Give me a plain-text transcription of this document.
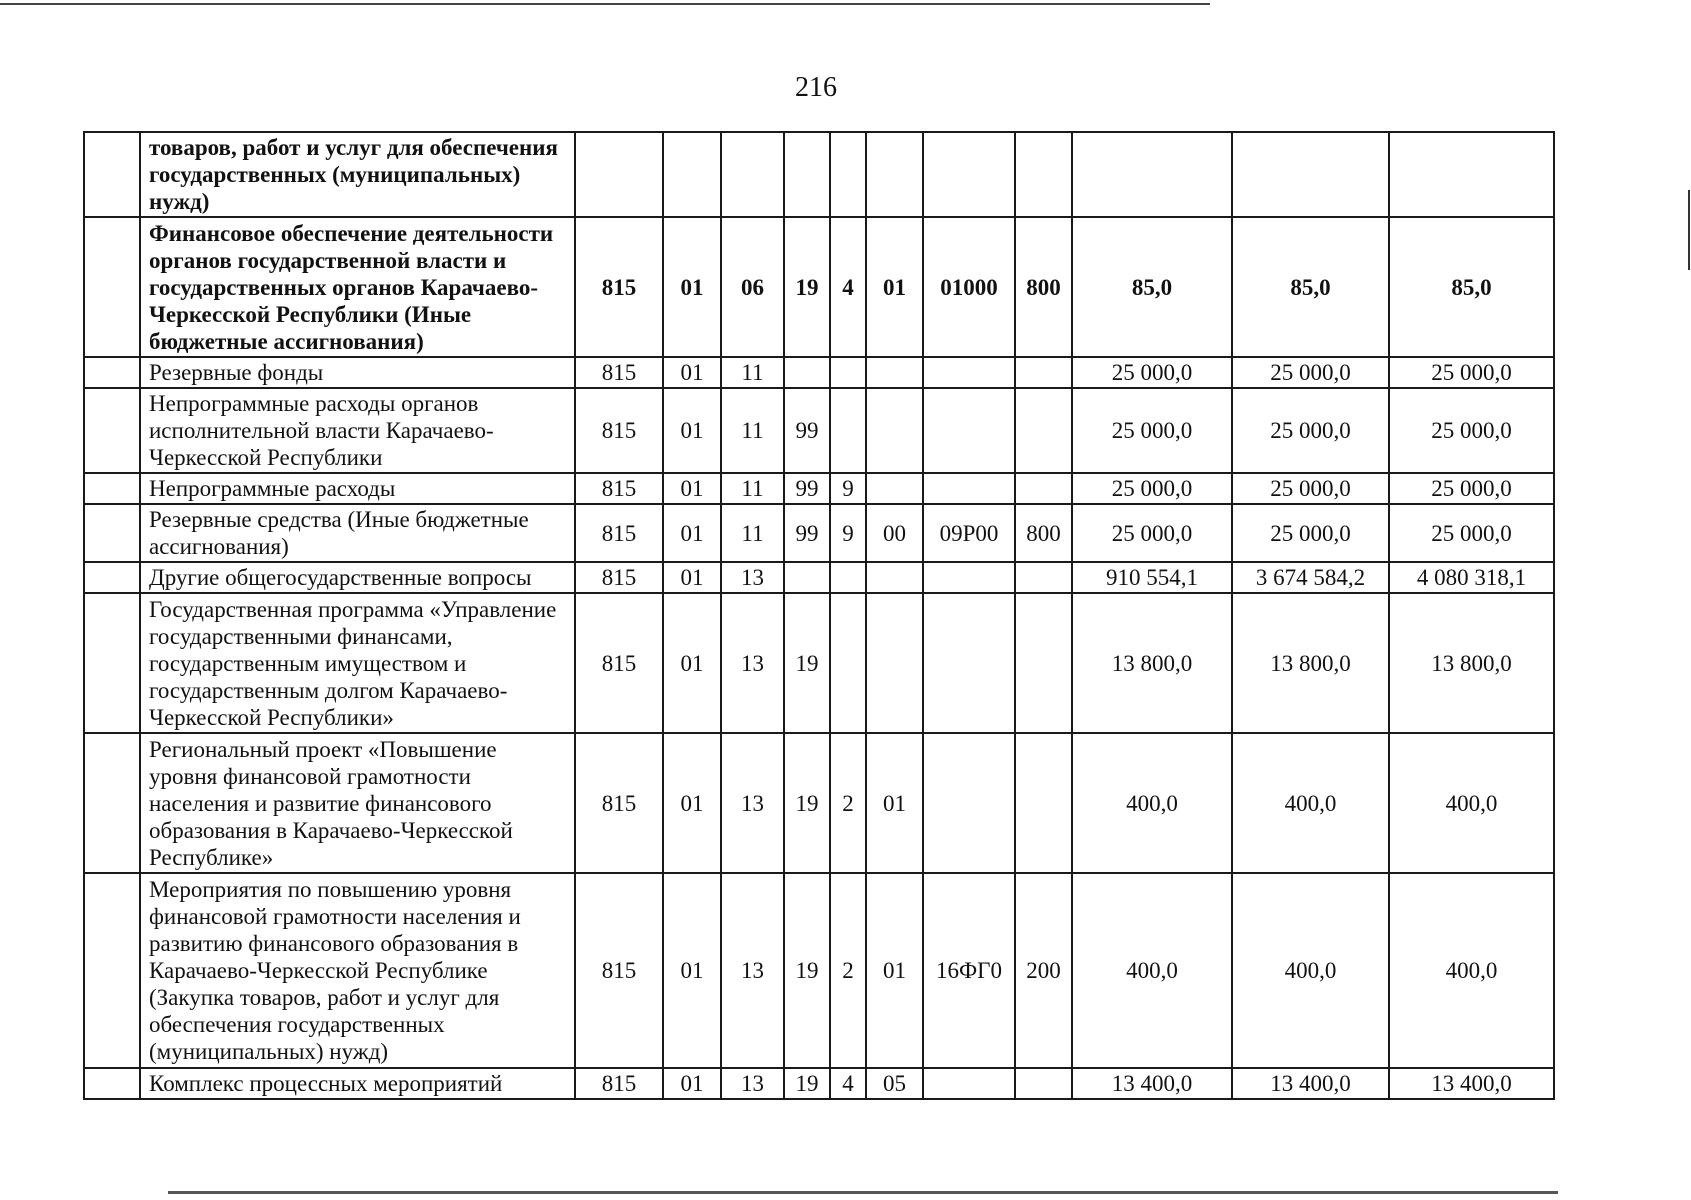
216
	товаров, работ и услуг для обеспечения государственных (муниципальных) нужд)											
	Финансовое обеспечение деятельности органов государственной власти и государственных органов Карачаево-Черкесской Республики (Иные бюджетные ассигнования)	815	01	06	19	4	01	01000	800	85,0	85,0	85,0
	Резервные фонды	815	01	11						25 000,0	25 000,0	25 000,0
	Непрограммные расходы органов исполнительной власти Карачаево-Черкесской Республики	815	01	11	99					25 000,0	25 000,0	25 000,0
	Непрограммные расходы	815	01	11	99	9				25 000,0	25 000,0	25 000,0
	Резервные средства (Иные бюджетные ассигнования)	815	01	11	99	9	00	09Р00	800	25 000,0	25 000,0	25 000,0
	Другие общегосударственные вопросы	815	01	13						910 554,1	3 674 584,2	4 080 318,1
	Государственная программа «Управление государственными финансами, государственным имуществом и государственным долгом Карачаево-Черкесской Республики»	815	01	13	19					13 800,0	13 800,0	13 800,0
	Региональный проект «Повышение уровня финансовой грамотности населения и развитие финансового образования в Карачаево-Черкесской Республике»	815	01	13	19	2	01			400,0	400,0	400,0
	Мероприятия по повышению уровня финансовой грамотности населения и развитию финансового образования в Карачаево-Черкесской Республике (Закупка товаров, работ и услуг для обеспечения государственных (муниципальных) нужд)	815	01	13	19	2	01	16ФГ0	200	400,0	400,0	400,0
	Комплекс процессных мероприятий	815	01	13	19	4	05			13 400,0	13 400,0	13 400,0
